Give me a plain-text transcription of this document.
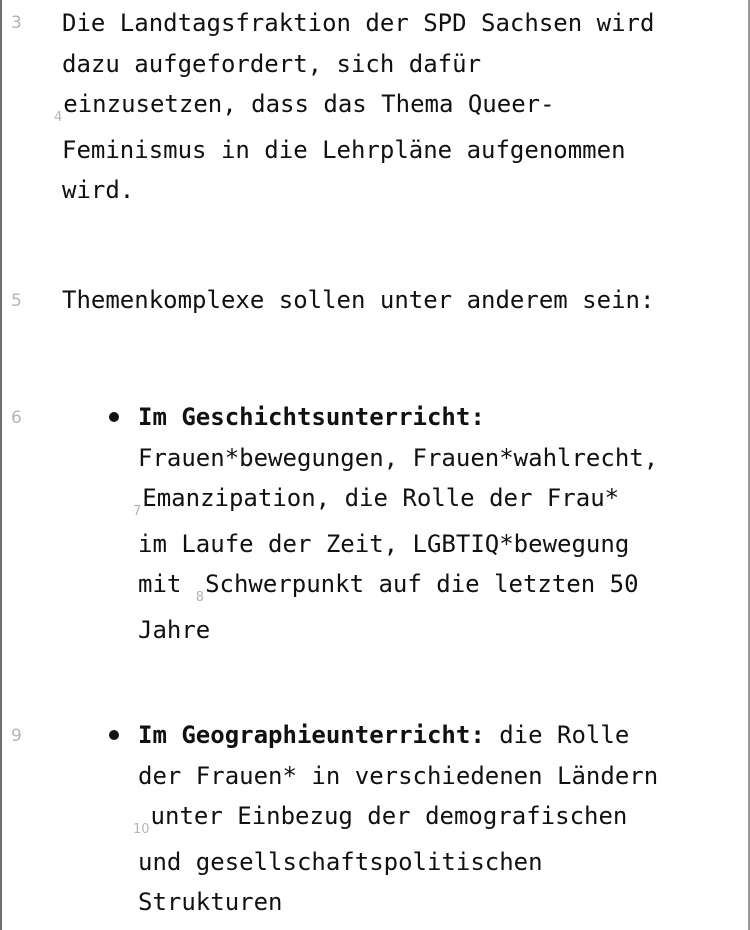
3
5
6
9
Die Landtagsfraktion der SPD Sachsen wird
dazu aufgefordert, sich dafür
$_4$einzusetzen, dass das Thema Queer-
Feminismus in die Lehrpläne aufgenommen
wird.
Themenkomplexe sollen unter anderem sein:
Im Geschichtsunterricht:
Frauen*bewegungen, Frauen*wahlrecht,
$_7$Emanzipation, die Rolle der Frau*
im Laufe der Zeit, LGBTIQ*bewegung
mit $_8$Schwerpunkt auf die letzten 50
Jahre
Im Geographieunterricht: die Rolle
der Frauen* in verschiedenen Ländern
$_{10}$unter Einbezug der demografischen
und gesellschaftspolitischen
Strukturen
